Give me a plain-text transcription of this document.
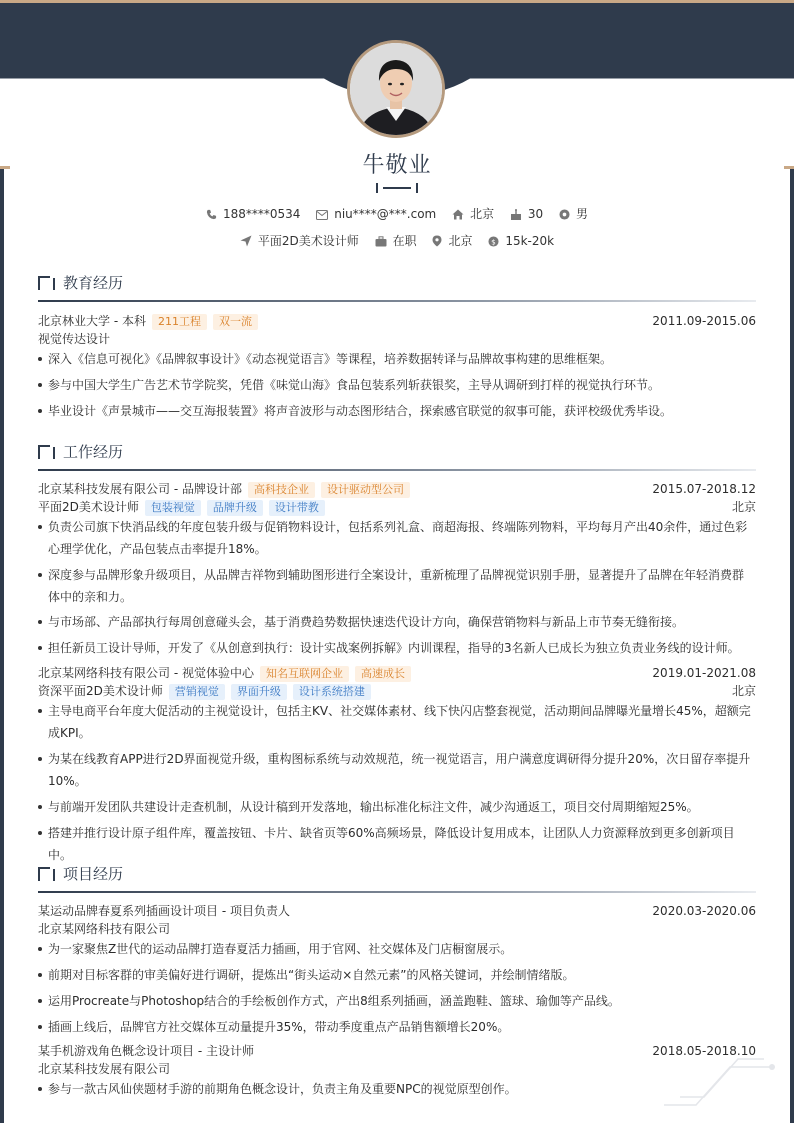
牛敬业
188****0534	niu****@***.com	北京	30	男
平面2D美术设计师	在职	北京 $ 15k-20k
教育经历
北京林业大学 - 本科 211工程 双一流	2011.09-2015.06
视觉传达设计
深入《信息可视化》《品牌叙事设计》《动态视觉语言》等课程，培养数据转译与品牌故事构建的思维框架。
参与中国大学生广告艺术节学院奖，凭借《味觉山海》食品包装系列斩获银奖，主导从调研到打样的视觉执行环节。
毕业设计《声景城市——交互海报装置》将声音波形与动态图形结合，探索感官联觉的叙事可能，获评校级优秀毕设。
工作经历
北京某科技发展有限公司 - 品牌设计部 高科技企业 设计驱动型公司	2015.07-2018.12
平面2D美术设计师 包装视觉 品牌升级 设计带教	北京
负责公司旗下快消品线的年度包装升级与促销物料设计，包括系列礼盒、商超海报、终端陈列物料，平均每月产出40余件，通过色彩
心理学优化，产品包装点击率提升18%。
深度参与品牌形象升级项目，从品牌吉祥物到辅助图形进行全案设计，重新梳理了品牌视觉识别手册，显著提升了品牌在年轻消费群
体中的亲和力。
与市场部、产品部执行每周创意碰头会，基于消费趋势数据快速迭代设计方向，确保营销物料与新品上市节奏无缝衔接。
担任新员工设计导师，开发了《从创意到执行：设计实战案例拆解》内训课程，指导的3名新人已成长为独立负责业务线的设计师。
北京某网络科技有限公司 - 视觉体验中心 知名互联网企业 高速成长	2019.01-2021.08
资深平面2D美术设计师 营销视觉 界面升级 设计系统搭建	北京
主导电商平台年度大促活动的主视觉设计，包括主KV、社交媒体素材、线下快闪店整套视觉，活动期间品牌曝光量增长45%，超额完
成KPI。
为某在线教育APP进行2D界面视觉升级，重构图标系统与动效规范，统一视觉语言，用户满意度调研得分提升20%，次日留存率提升
10%。
与前端开发团队共建设计走查机制，从设计稿到开发落地，输出标准化标注文件，减少沟通返工，项目交付周期缩短25%。
搭建并推行设计原子组件库，覆盖按钮、卡片、缺省页等60%高频场景，降低设计复用成本，让团队人力资源释放到更多创新项目中。
项目经历
某运动品牌春夏系列插画设计项目 - 项目负责人	2020.03-2020.06
北京某网络科技有限公司
为一家聚焦Z世代的运动品牌打造春夏活力插画，用于官网、社交媒体及门店橱窗展示。
前期对目标客群的审美偏好进行调研，提炼出“街头运动×自然元素”的风格关键词，并绘制情绪版。
运用Procreate与Photoshop结合的手绘板创作方式，产出8组系列插画，涵盖跑鞋、篮球、瑜伽等产品线。
插画上线后，品牌官方社交媒体互动量提升35%，带动季度重点产品销售额增长20%。
某手机游戏角色概念设计项目 - 主设计师	2018.05-2018.10
北京某科技发展有限公司
参与一款古风仙侠题材手游的前期角色概念设计，负责主角及重要NPC的视觉原型创作。
